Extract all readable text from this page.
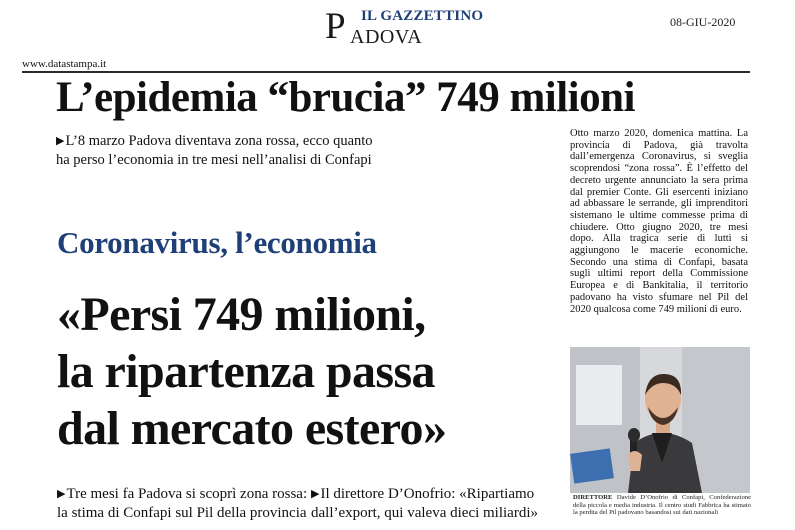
IL GAZZETTINO
P ADOVA
08-GIU-2020
www.datastampa.it
L’epidemia “brucia” 749 milioni
▶L’8 marzo Padova diventava zona rossa, ecco quanto
ha perso l’economia in tre mesi nell’analisi di Confapi
Coronavirus, l’economia
«Persi 749 milioni,
la ripartenza passa
dal mercato estero»

Otto marzo 2020, domenica mattina. La provincia di Padova, già travolta dall’emergenza Coronavirus, si sveglia scoprendosi “zona rossa”. È l’effetto del decreto urgente annunciato la sera prima dal premier Conte. Gli esercenti iniziano ad abbassare le serrande, gli imprenditori sistemano le ultime commesse prima di chiudere. Otto giugno 2020, tre mesi dopo. Alla tragica serie di lutti si aggiungono le macerie economiche. Secondo una stima di Confapi, basata sugli ultimi report della Commissione Europea e di Bankitalia, il territorio padovano ha visto sfumare nel Pil del 2020 qualcosa come 749 milioni di euro.

DIRETTORE Davide D’Onofrio di Confapi, Confederazione della piccola e media industria. Il centro studi Fabbrica ha stimato la perdita del Pil padovano basandosi sui dati nazionali
▶Tre mesi fa Padova si scoprì zona rossa:
la stima di Confapi sul Pil della provincia
▶Il direttore D’Onofrio: «Ripartiamo
dall’export, qui valeva dieci miliardi»
